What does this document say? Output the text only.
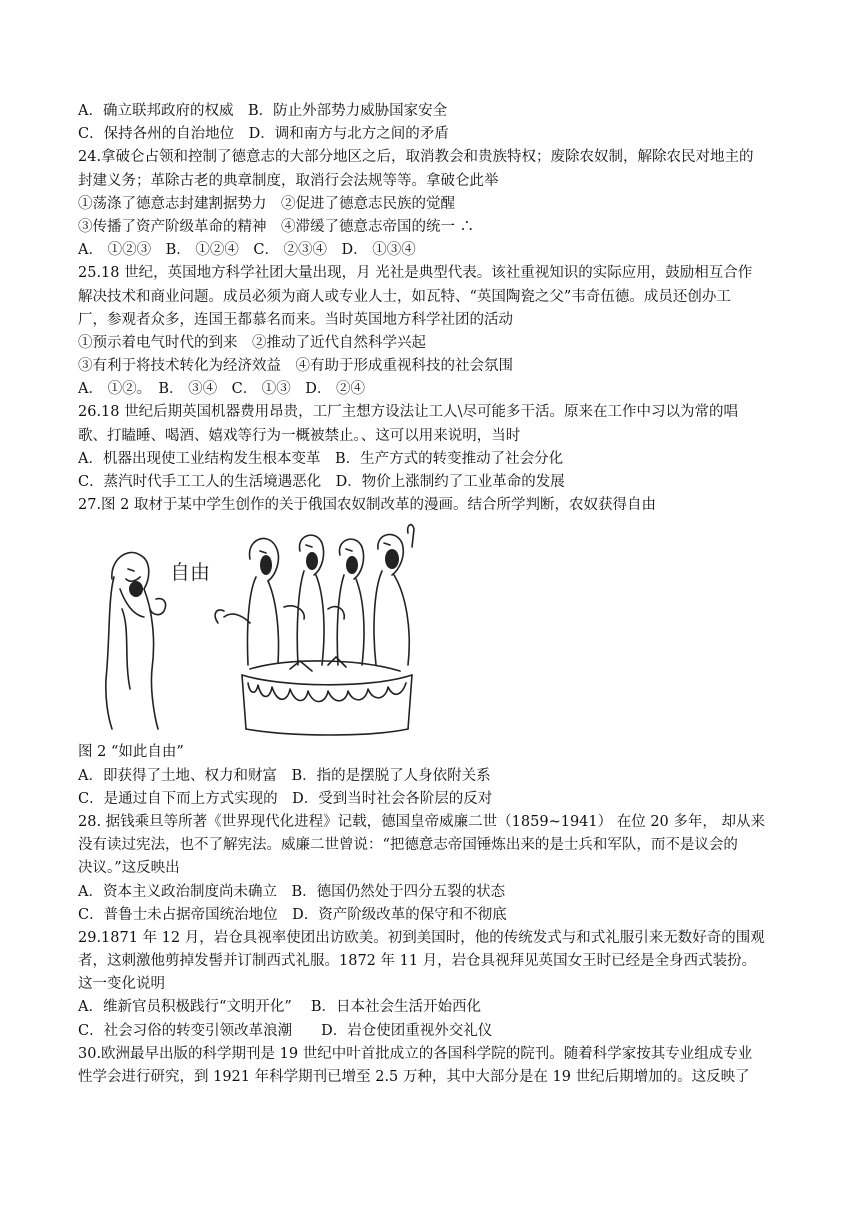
A．确立联邦政府的权威　B．防止外部势力威胁国家安全
C．保持各州的自治地位　D．调和南方与北方之间的矛盾
24.拿破仑占领和控制了德意志的大部分地区之后，取消教会和贵族特权；废除农奴制，解除农民对地主的
封建义务；革除古老的典章制度，取消行会法规等等。拿破仑此举
①荡涤了德意志封建割据势力　②促进了德意志民族的觉醒
③传播了资产阶级革命的精神　④滞缓了德意志帝国的统一 ∴
A． ①②③　B． ①②④　C． ②③④　D． ①③④
25.18 世纪，英国地方科学社团大量出现，月 光社是典型代表。该社重视知识的实际应用，鼓励相互合作
解决技术和商业问题。成员必须为商人或专业人士，如瓦特、“英国陶瓷之父”韦奇伍德。成员还创办工
厂，参观者众多，连国王都慕名而来。当时英国地方科学社团的活动
①预示着电气时代的到来　②推动了近代自然科学兴起
③有利于将技术转化为经济效益　④有助于形成重视科技的社会氛围
A． ①②。　B． ③④　C． ①③　D． ②④
26.18 世纪后期英国机器费用昂贵，工厂主想方设法让工人\尽可能多干活。原来在工作中习以为常的唱
歌、打瞌睡、喝酒、嬉戏等行为一概被禁止。、这可以用来说明，当时
A．机器出现使工业结构发生根本变革　B．生产方式的转变推动了社会分化
C．蒸汽时代手工工人的生活境遇恶化　D．物价上涨制约了工业革命的发展
27.图 2 取材于某中学生创作的关于俄国农奴制改革的漫画。结合所学判断，农奴获得自由
自由
图 2 “如此自由”
A．即获得了土地、权力和财富　B．指的是摆脱了人身依附关系
C．是通过自下而上方式实现的　D．受到当时社会各阶层的反对
28. 据钱乘旦等所著《世界现代化进程》记载，德国皇帝威廉二世（1859~1941） 在位 20 多年， 却从来
没有读过宪法，也不了解宪法。威廉二世曾说：“把德意志帝国锤炼出来的是士兵和军队，而不是议会的
决议。”这反映出
A．资本主义政治制度尚未确立　B．德国仍然处于四分五裂的状态
C．普鲁士未占据帝国统治地位　D．资产阶级改革的保守和不彻底
29.1871 年 12 月，岩仓具视率使团出访欧美。初到美国时，他的传统发式与和式礼服引来无数好奇的围观
者，这刺激他剪掉发髻并订制西式礼服。1872 年 11 月，岩仓具视拜见英国女王时已经是全身西式装扮。
这一变化说明
A．维新官员积极践行“文明开化”　 B．日本社会生活开始西化
C．社会习俗的转变引领改革浪潮　　D．岩仓使团重视外交礼仪
30.欧洲最早出版的科学期刊是 19 世纪中叶首批成立的各国科学院的院刊。随着科学家按其专业组成专业
性学会进行研究，到 1921 年科学期刊已增至 2.5 万种，其中大部分是在 19 世纪后期增加的。这反映了
